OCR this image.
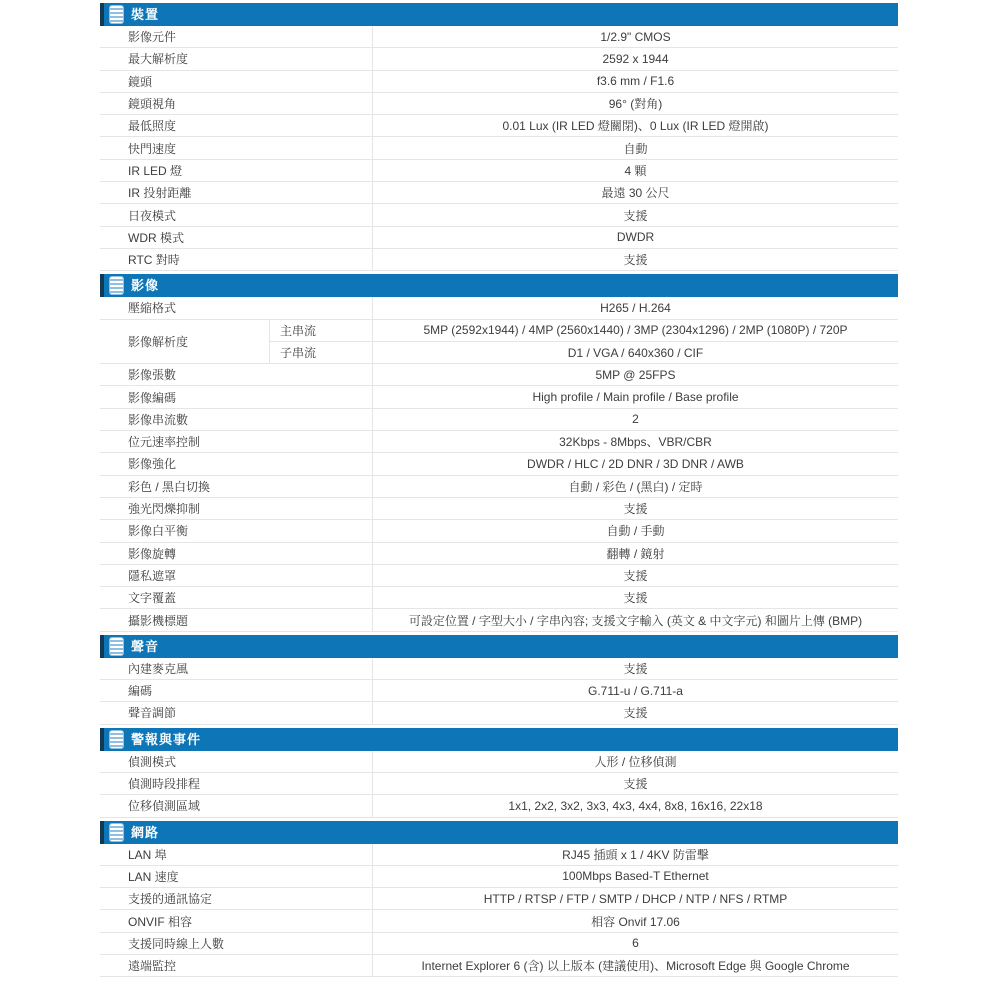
裝置
影像元件	1/2.9" CMOS
最大解析度	2592 x 1944
鏡頭	f3.6 mm / F1.6
鏡頭視角	96° (對角)
最低照度	0.01 Lux (IR LED 燈關閉)、0 Lux (IR LED 燈開啟)
快門速度	自動
IR LED 燈	4 顆
IR 投射距離	最遠 30 公尺
日夜模式	支援
WDR 模式	DWDR
RTC 對時	支援
影像
壓縮格式	H265 / H.264
影像解析度
主串流	5MP (2592x1944) / 4MP (2560x1440) / 3MP (2304x1296) / 2MP (1080P) / 720P
子串流	D1 / VGA / 640x360 / CIF
影像張數	5MP @ 25FPS
影像編碼	High profile / Main profile / Base profile
影像串流數	2
位元速率控制	32Kbps - 8Mbps、VBR/CBR
影像強化	DWDR / HLC / 2D DNR / 3D DNR / AWB
彩色 / 黑白切換	自動 / 彩色 / (黑白) / 定時
強光閃爍抑制	支援
影像白平衡	自動 / 手動
影像旋轉	翻轉 / 鏡射
隱私遮罩	支援
文字覆蓋	支援
攝影機標題	可設定位置 / 字型大小 / 字串內容; 支援文字輸入 (英文 & 中文字元) 和圖片上傳 (BMP)
聲音
內建麥克風	支援
編碼	G.711-u / G.711-a
聲音調節	支援
警報與事件
偵測模式	人形 / 位移偵測
偵測時段排程	支援
位移偵測區域	1x1, 2x2, 3x2, 3x3, 4x3, 4x4, 8x8, 16x16, 22x18
網路
LAN 埠	RJ45 插頭 x 1 / 4KV 防雷擊
LAN 速度	100Mbps Based-T Ethernet
支援的通訊協定	HTTP / RTSP / FTP / SMTP / DHCP / NTP / NFS / RTMP
ONVIF 相容	相容 Onvif 17.06
支援同時線上人數	6
遠端監控	Internet Explorer 6 (含) 以上版本 (建議使用)、Microsoft Edge 與 Google Chrome
